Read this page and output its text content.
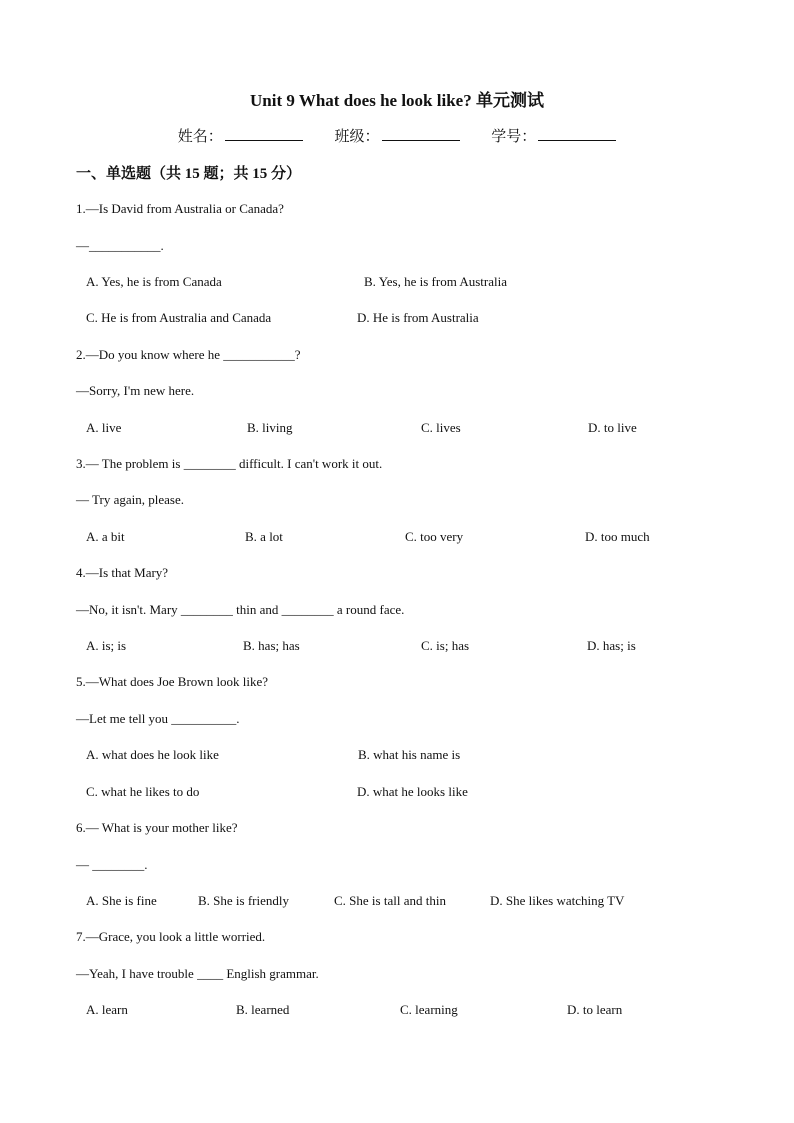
Unit 9 What does he look like? 单元测试
姓名：	班级：	学号：
一、单选题（共 15 题；共 15 分）
1.—Is David from Australia or Canada?
—___________.
A. Yes, he is from Canada	B. Yes, he is from Australia
C. He is from Australia and Canada	D. He is from Australia
2.—Do you know where he ___________?
—Sorry, I'm new here.
A. live	B. living	C. lives	D. to live
3.— The problem is ________ difficult. I can't work it out.
— Try again, please.
A. a bit	B. a lot	C. too very	D. too much
4.—Is that Mary?
—No, it isn't. Mary ________ thin and ________ a round face.
A. is; is	B. has; has	C. is; has	D. has; is
5.—What does Joe Brown look like?
—Let me tell you __________.
A. what does he look like	B. what his name is
C. what he likes to do	D. what he looks like
6.— What is your mother like?
— ________.
A. She is fine	B. She is friendly	C. She is tall and thin	D. She likes watching TV
7.—Grace, you look a little worried.
—Yeah, I have trouble ____ English grammar.
A. learn	B. learned	C. learning	D. to learn
